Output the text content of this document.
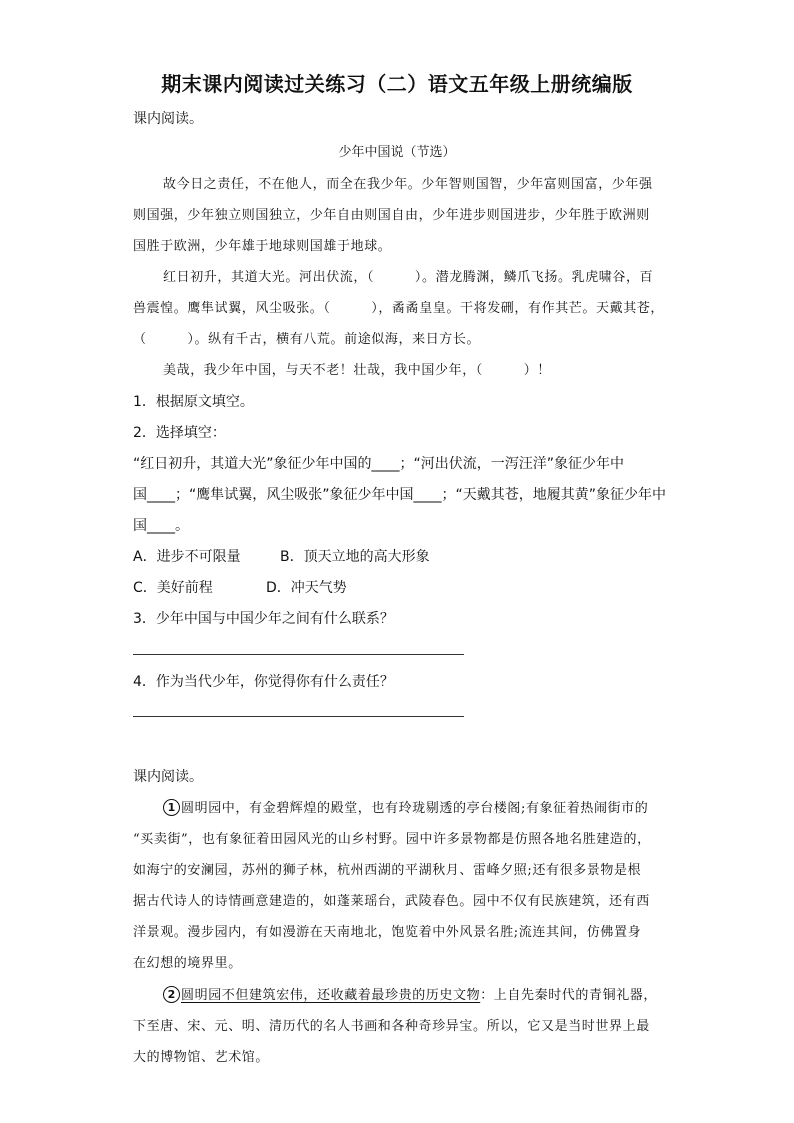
期末课内阅读过关练习（二）语文五年级上册统编版
课内阅读。
少年中国说（节选）
故今日之责任，不在他人，而全在我少年。少年智则国智，少年富则国富，少年强
则国强，少年独立则国独立，少年自由则国自由，少年进步则国进步，少年胜于欧洲则
国胜于欧洲，少年雄于地球则国雄于地球。
红日初升，其道大光。河出伏流，（　　　）。潜龙腾渊，鳞爪飞扬。乳虎啸谷，百
兽震惶。鹰隼试翼，风尘吸张。（　　　），矞矞皇皇。干将发硎，有作其芒。天戴其苍，
（　　　）。纵有千古，横有八荒。前途似海，来日方长。
美哉，我少年中国，与天不老！壮哉，我中国少年，（　　　）！
1．根据原文填空。
2．选择填空：
“红日初升，其道大光”象征少年中国的____；“河出伏流，一泻汪洋”象征少年中
国____；“鹰隼试翼，风尘吸张”象征少年中国____；“天戴其苍，地履其黄”象征少年中
国____。
A．进步不可限量	B．顶天立地的高大形象
C．美好前程	D．冲天气势
3．少年中国与中国少年之间有什么联系？
4．作为当代少年，你觉得你有什么责任？
课内阅读。
1 圆明园中，有金碧辉煌的殿堂，也有玲珑剔透的亭台楼阁;有象征着热闹街市的
“买卖街”，也有象征着田园风光的山乡村野。园中许多景物都是仿照各地名胜建造的，
如海宁的安澜园，苏州的狮子林，杭州西湖的平湖秋月、雷峰夕照;还有很多景物是根
据古代诗人的诗情画意建造的，如蓬莱瑶台，武陵春色。园中不仅有民族建筑，还有西
洋景观。漫步园内，有如漫游在天南地北，饱览着中外风景名胜;流连其间，仿佛置身
在幻想的境界里。
2 圆明园不但建筑宏伟，还收藏着最珍贵的历史文物：上自先秦时代的青铜礼器，
下至唐、宋、元、明、清历代的名人书画和各种奇珍异宝。所以，它又是当时世界上最
大的博物馆、艺术馆。
